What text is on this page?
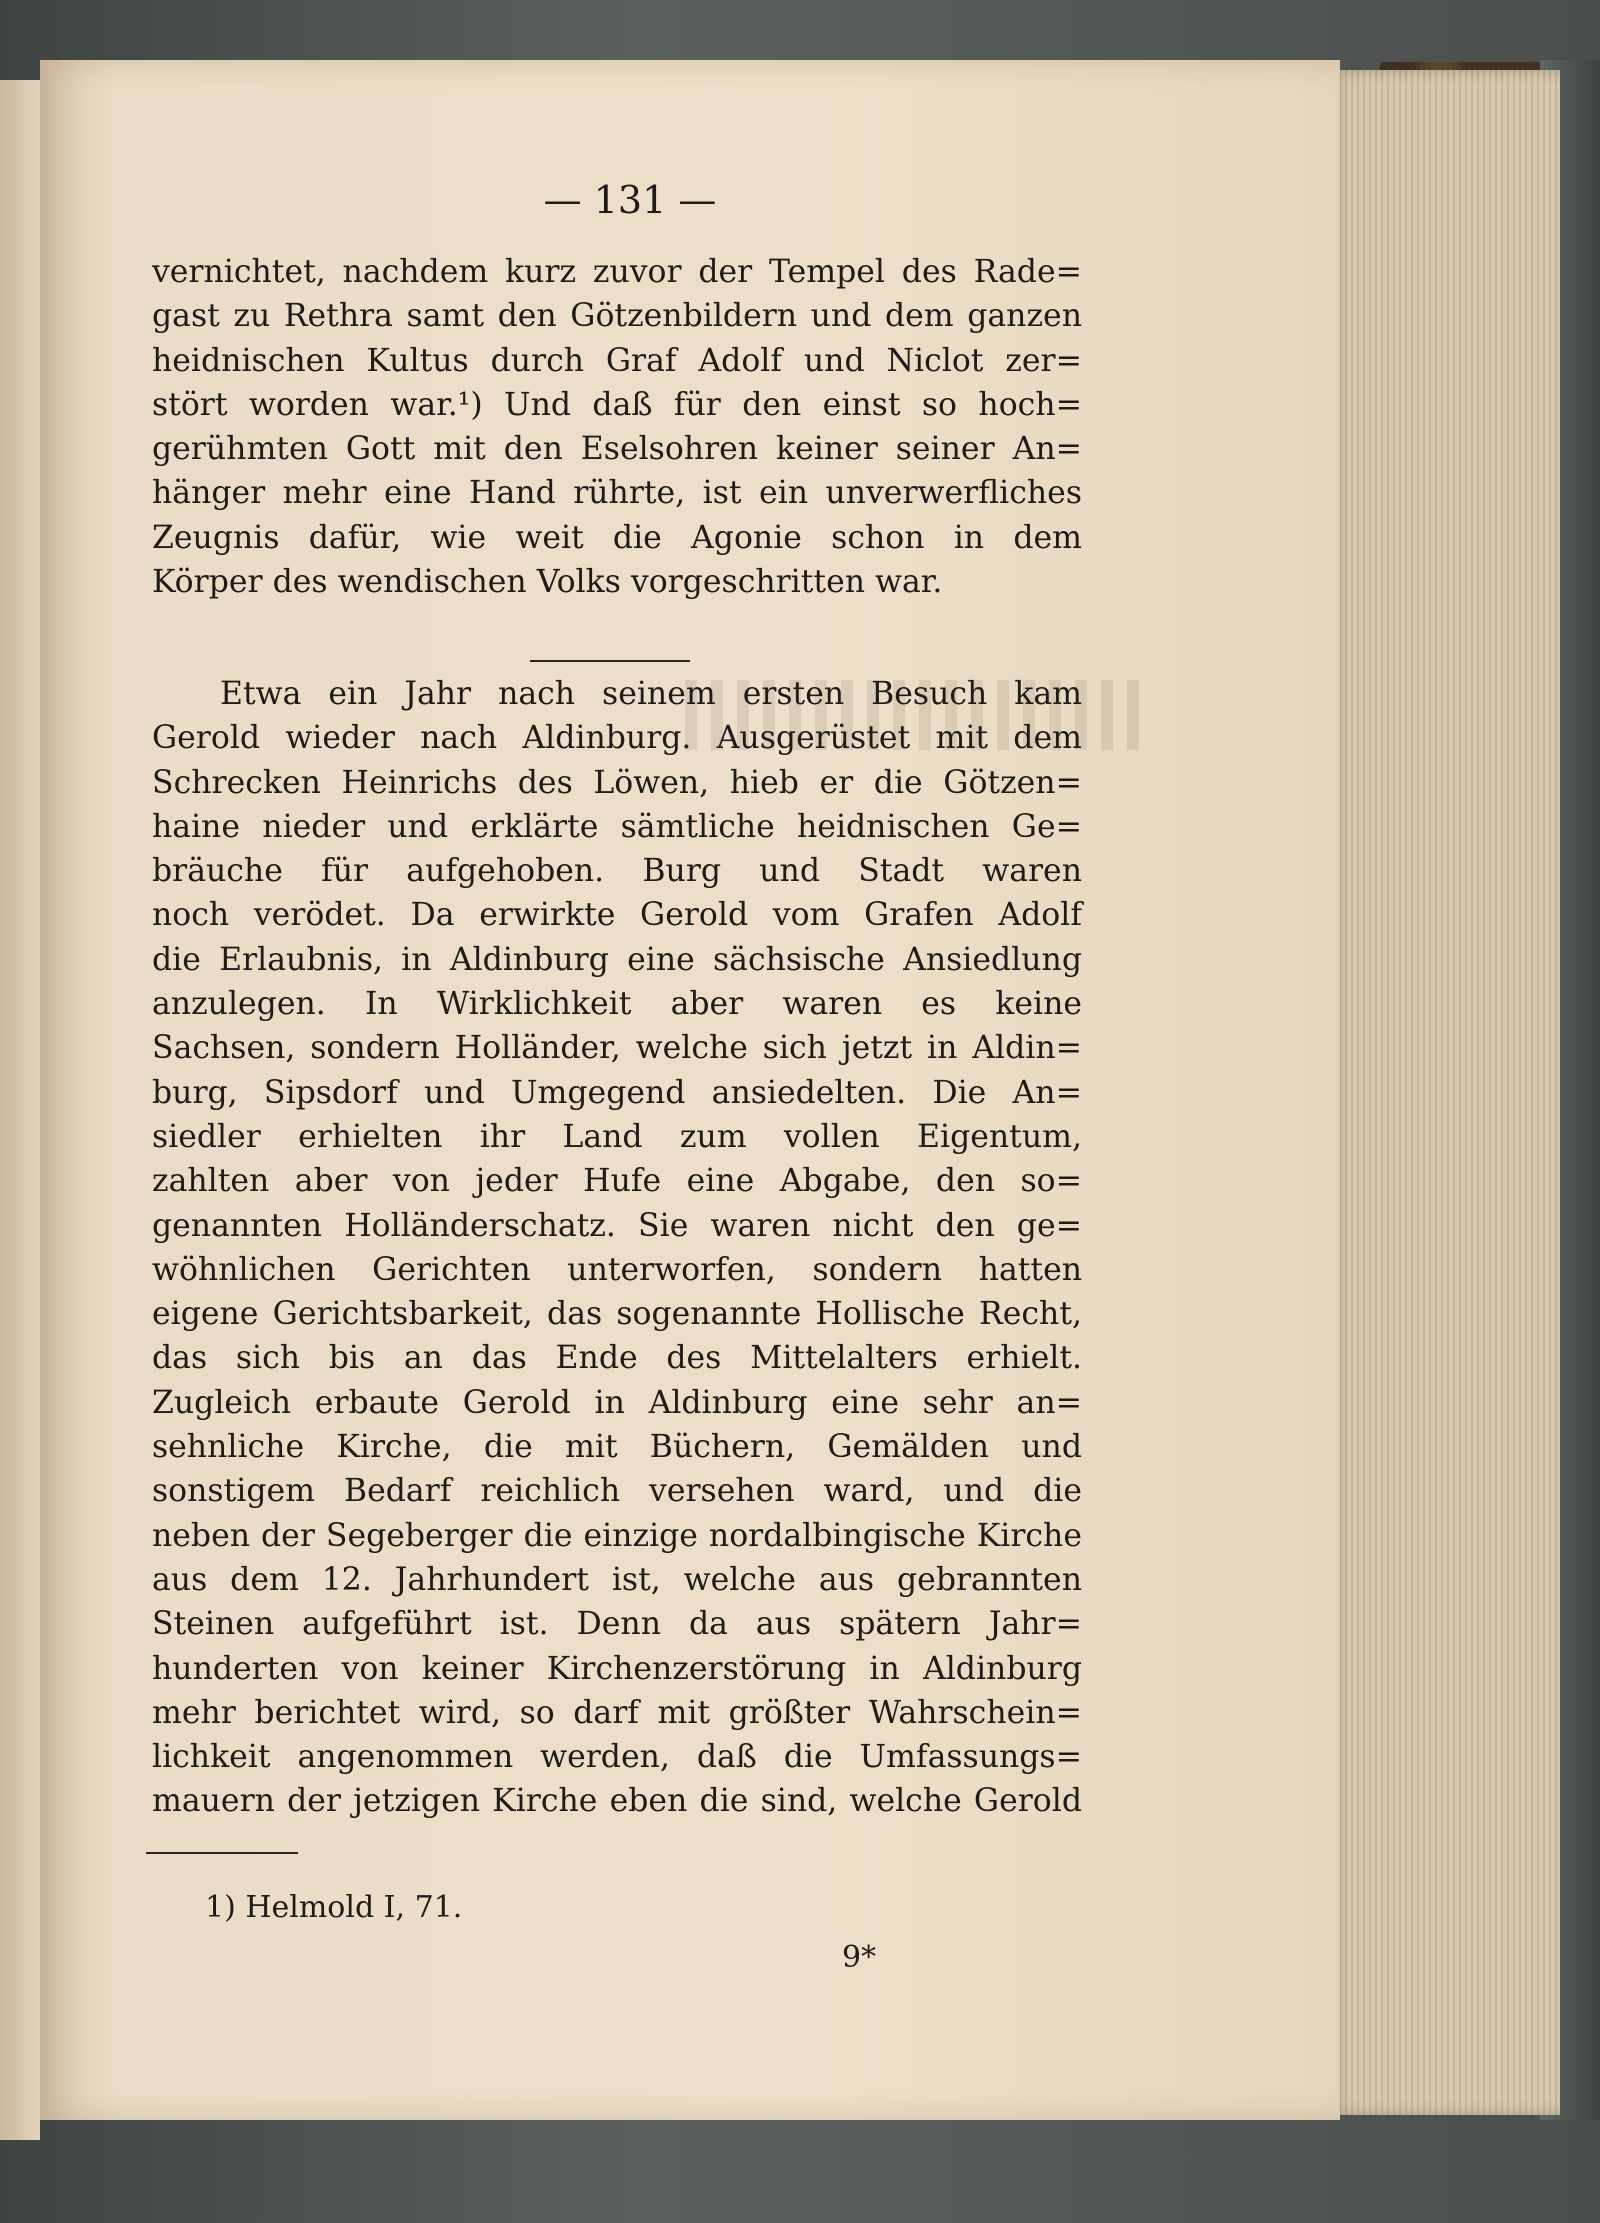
— 131 —
vernichtet, nachdem kurz zuvor der Tempel des Rade=
gast zu Rethra samt den Götzenbildern und dem ganzen
heidnischen Kultus durch Graf Adolf und Niclot zer=
stört worden war.¹) Und daß für den einst so hoch=
gerühmten Gott mit den Eselsohren keiner seiner An=
hänger mehr eine Hand rührte, ist ein unverwerfliches
Zeugnis dafür, wie weit die Agonie schon in dem
Körper des wendischen Volks vorgeschritten war.
Etwa ein Jahr nach seinem ersten Besuch kam
Gerold wieder nach Aldinburg. Ausgerüstet mit dem
Schrecken Heinrichs des Löwen, hieb er die Götzen=
haine nieder und erklärte sämtliche heidnischen Ge=
bräuche für aufgehoben. Burg und Stadt waren
noch verödet. Da erwirkte Gerold vom Grafen Adolf
die Erlaubnis, in Aldinburg eine sächsische Ansiedlung
anzulegen. In Wirklichkeit aber waren es keine
Sachsen, sondern Holländer, welche sich jetzt in Aldin=
burg, Sipsdorf und Umgegend ansiedelten. Die An=
siedler erhielten ihr Land zum vollen Eigentum,
zahlten aber von jeder Hufe eine Abgabe, den so=
genannten Holländerschatz. Sie waren nicht den ge=
wöhnlichen Gerichten unterworfen, sondern hatten
eigene Gerichtsbarkeit, das sogenannte Hollische Recht,
das sich bis an das Ende des Mittelalters erhielt.
Zugleich erbaute Gerold in Aldinburg eine sehr an=
sehnliche Kirche, die mit Büchern, Gemälden und
sonstigem Bedarf reichlich versehen ward, und die
neben der Segeberger die einzige nordalbingische Kirche
aus dem 12. Jahrhundert ist, welche aus gebrannten
Steinen aufgeführt ist. Denn da aus spätern Jahr=
hunderten von keiner Kirchenzerstörung in Aldinburg
mehr berichtet wird, so darf mit größter Wahrschein=
lichkeit angenommen werden, daß die Umfassungs=
mauern der jetzigen Kirche eben die sind, welche Gerold
1) Helmold I, 71.
9*
